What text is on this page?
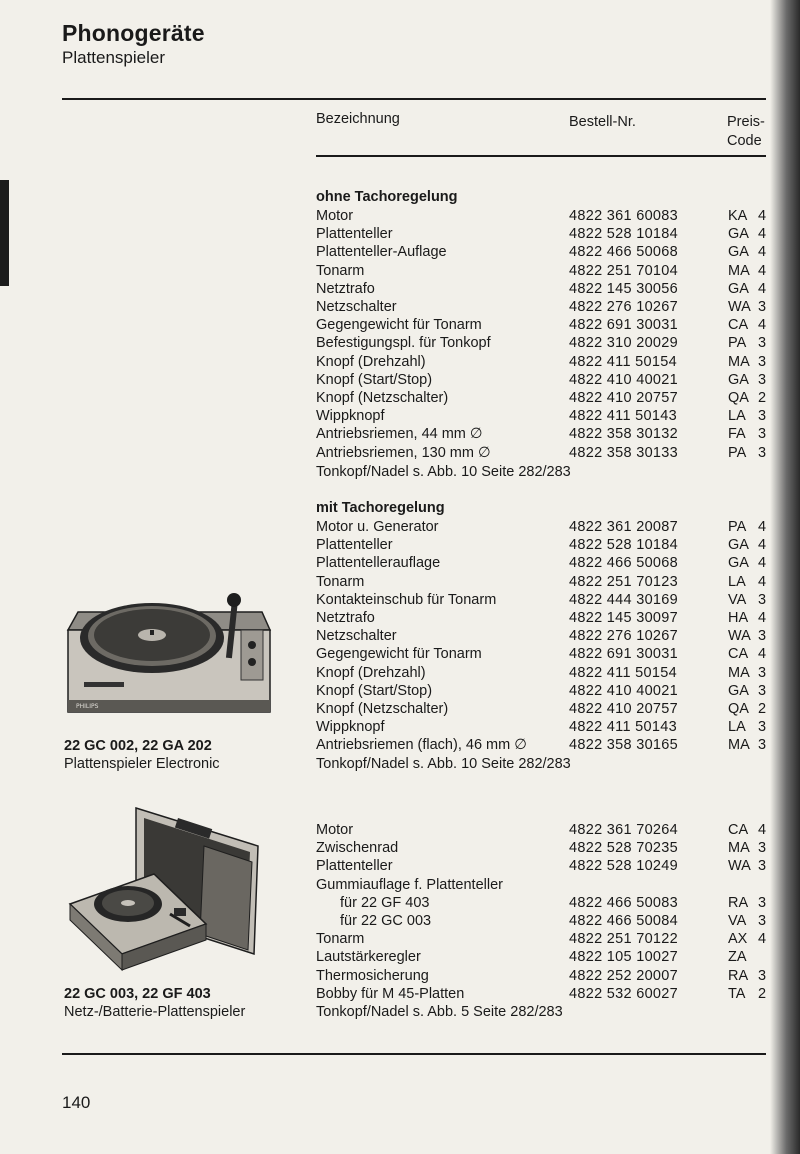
Phonogeräte
Plattenspieler
Bezeichnung	Bestell-Nr.	Preis-
Code
ohne Tachoregelung
Motor	4822 361 60083	KA 4
Plattenteller	4822 528 10184	GA 4
Plattenteller-Auflage	4822 466 50068	GA 4
Tonarm	4822 251 70104	MA 4
Netztrafo	4822 145 30056	GA 4
Netzschalter	4822 276 10267	WA 3
Gegengewicht für Tonarm	4822 691 30031	CA 4
Befestigungspl. für Tonkopf	4822 310 20029	PA 3
Knopf (Drehzahl)	4822 411 50154	MA 3
Knopf (Start/Stop)	4822 410 40021	GA 3
Knopf (Netzschalter)	4822 410 20757	QA 2
Wippknopf	4822 411 50143	LA 3
Antriebsriemen, 44 mm ∅	4822 358 30132	FA 3
Antriebsriemen, 130 mm ∅	4822 358 30133	PA 3
Tonkopf/Nadel s. Abb. 10 Seite 282/283
mit Tachoregelung
Motor u. Generator	4822 361 20087	PA 4
Plattenteller	4822 528 10184	GA 4
Plattentellerauflage	4822 466 50068	GA 4
Tonarm	4822 251 70123	LA 4
Kontakteinschub für Tonarm	4822 444 30169	VA 3
Netztrafo	4822 145 30097	HA 4
Netzschalter	4822 276 10267	WA 3
Gegengewicht für Tonarm	4822 691 30031	CA 4
Knopf (Drehzahl)	4822 411 50154	MA 3
Knopf (Start/Stop)	4822 410 40021	GA 3
Knopf (Netzschalter)	4822 410 20757	QA 2
Wippknopf	4822 411 50143	LA 3
Antriebsriemen (flach), 46 mm ∅	4822 358 30165	MA 3
Tonkopf/Nadel s. Abb. 10 Seite 282/283
Motor	4822 361 70264	CA 4
Zwischenrad	4822 528 70235	MA 3
Plattenteller	4822 528 10249	WA 3
Gummiauflage f. Plattenteller
für 22 GF 403	4822 466 50083	RA 3
für 22 GC 003	4822 466 50084	VA 3
Tonarm	4822 251 70122	AX 4
Lautstärkeregler	4822 105 10027	ZA
Thermosicherung	4822 252 20007	RA 3
Bobby für M 45-Platten	4822 532 60027	TA 2
Tonkopf/Nadel s. Abb. 5 Seite 282/283
PHILIPS
22 GC 002, 22 GA 202
Plattenspieler Electronic
22 GC 003, 22 GF 403
Netz-/Batterie-Plattenspieler
140
